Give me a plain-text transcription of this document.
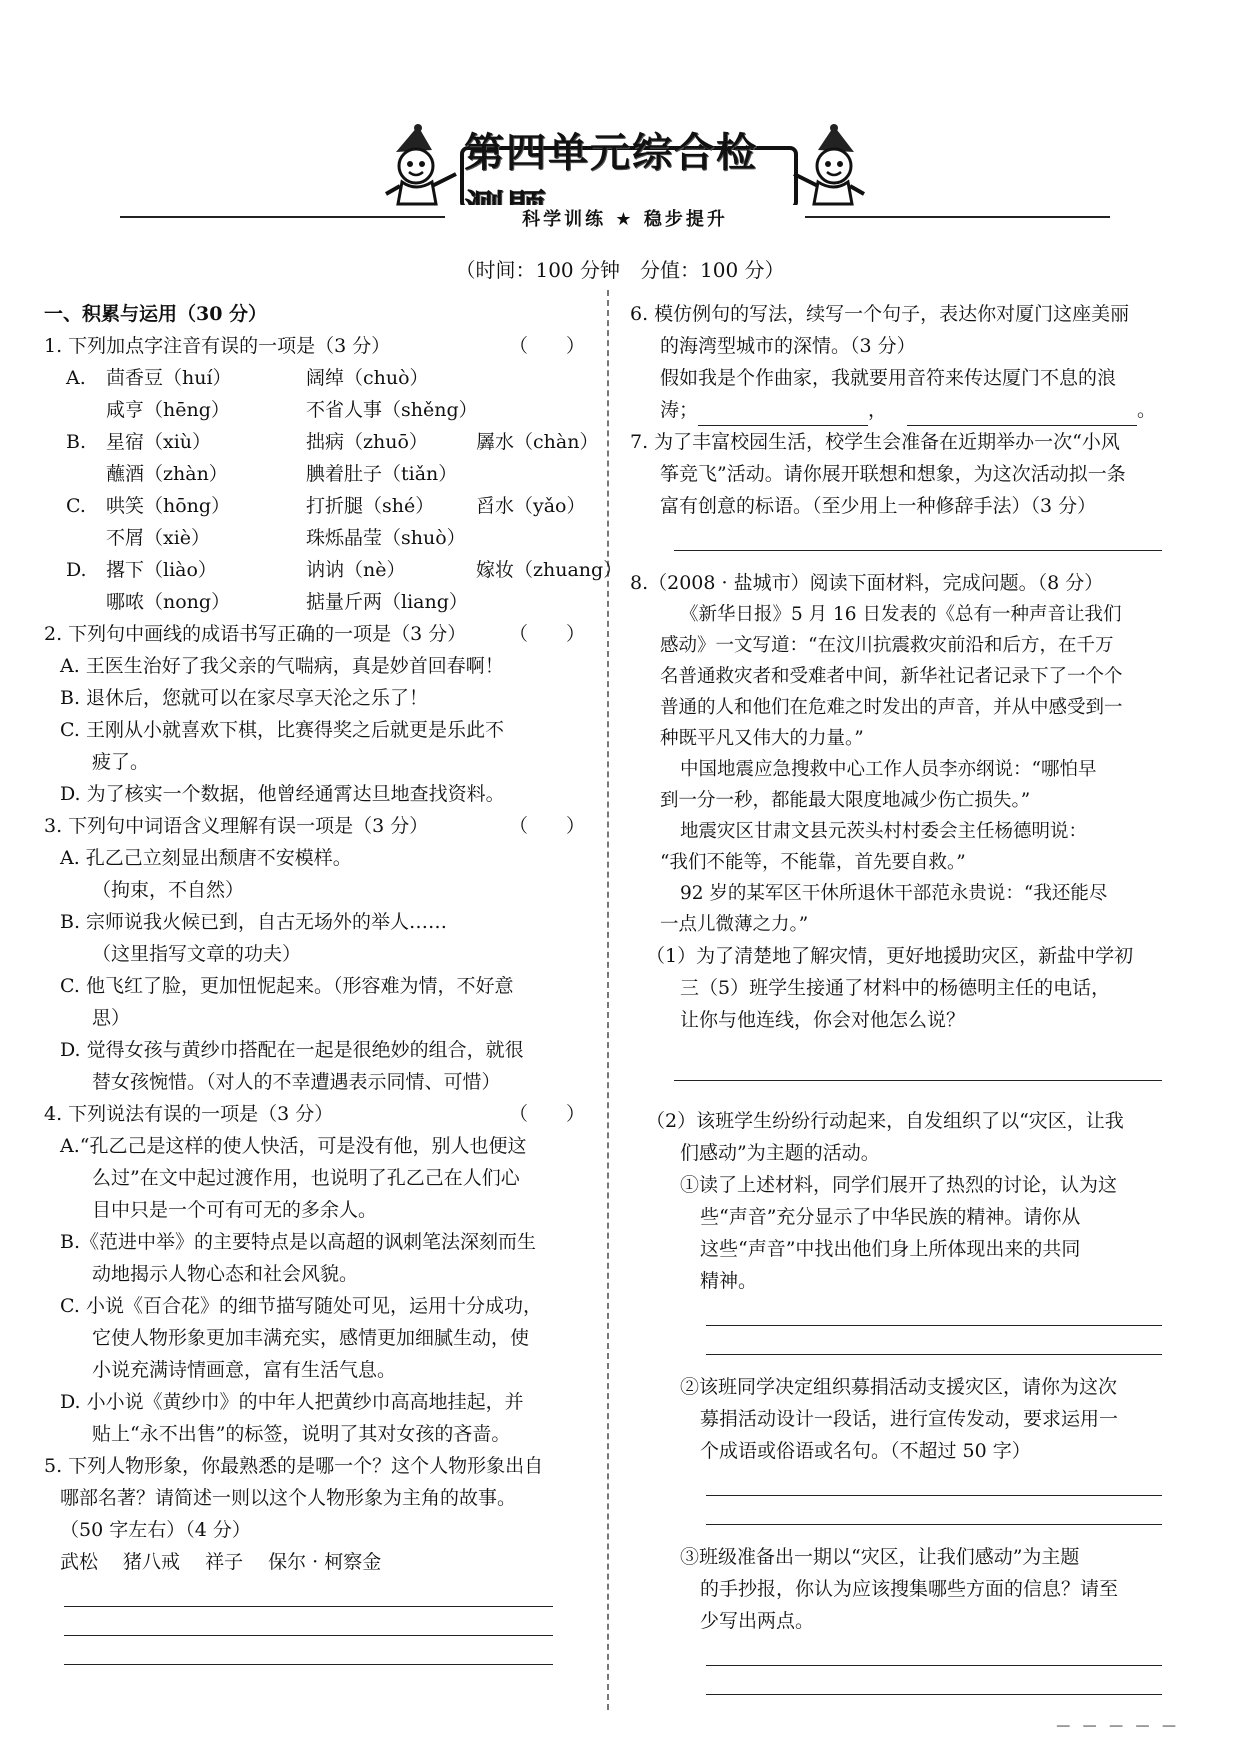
第四单元综合检
科学训练 ★ 稳步提升
（时间：100 分钟　分值：100 分）
一、积累与运用（30 分）
1. 下列加点字注音有误的一项是（3 分）	（　　）
A.	茴香豆（huí）	阔绰（chuò）
咸亨（hēng）	不省人事（shěng）
B.	星宿（xiù）	拙病（zhuō）	羼水（chàn）
蘸酒（zhàn）	腆着肚子（tiǎn）
C.	哄笑（hōng）	打折腿（shé）	舀水（yǎo）
不屑（xiè）	珠烁晶莹（shuò）
D.	撂下（liào）	讷讷（nè）	嫁妆（zhuang）
哪哝（nong）	掂量斤两（liang）
2. 下列句中画线的成语书写正确的一项是（3 分） （　　）
A. 王医生治好了我父亲的气喘病，真是妙首回春啊！
B. 退休后，您就可以在家尽享天沦之乐了！
C. 王刚从小就喜欢下棋，比赛得奖之后就更是乐此不
疲了。
D. 为了核实一个数据，他曾经通霄达旦地查找资料。
3. 下列句中词语含义理解有误一项是（3 分）	（　　）
A. 孔乙己立刻显出颓唐不安模样。
（拘束，不自然）
B. 宗师说我火候已到，自古无场外的举人……
（这里指写文章的功夫）
C. 他飞红了脸，更加忸怩起来。（形容难为情，不好意
思）
D. 觉得女孩与黄纱巾搭配在一起是很绝妙的组合，就很
替女孩惋惜。（对人的不幸遭遇表示同情、可惜）
4. 下列说法有误的一项是（3 分）	（　　）
A.“孔乙己是这样的使人快活，可是没有他，别人也便这
么过”在文中起过渡作用，也说明了孔乙己在人们心
目中只是一个可有可无的多余人。
B.《范进中举》的主要特点是以高超的讽刺笔法深刻而生
动地揭示人物心态和社会风貌。
C. 小说《百合花》的细节描写随处可见，运用十分成功，
它使人物形象更加丰满充实，感情更加细腻生动，使
小说充满诗情画意，富有生活气息。
D. 小小说《黄纱巾》的中年人把黄纱巾高高地挂起，并
贴上“永不出售”的标签，说明了其对女孩的吝啬。
5. 下列人物形象，你最熟悉的是哪一个？这个人物形象出自
哪部名著？请简述一则以这个人物形象为主角的故事。
（50 字左右）（4 分）
武松　 猪八戒　 祥子　 保尔 · 柯察金
6. 模仿例句的写法，续写一个句子，表达你对厦门这座美丽
的海湾型城市的深情。（3 分）
假如我是个作曲家，我就要用音符来传达厦门不息的浪
涛；	，	。
7. 为了丰富校园生活，校学生会准备在近期举办一次“小风
筝竞飞”活动。请你展开联想和想象，为这次活动拟一条
富有创意的标语。（至少用上一种修辞手法）（3 分）
8.（2008 · 盐城市）阅读下面材料，完成问题。（8 分）
《新华日报》5 月 16 日发表的《总有一种声音让我们
感动》一文写道：“在汶川抗震救灾前沿和后方，在千万
名普通救灾者和受难者中间，新华社记者记录下了一个个
普通的人和他们在危难之时发出的声音，并从中感受到一
种既平凡又伟大的力量。”
中国地震应急搜救中心工作人员李亦纲说：“哪怕早
到一分一秒，都能最大限度地减少伤亡损失。”
地震灾区甘肃文县元茨头村村委会主任杨德明说：
“我们不能等，不能靠，首先要自救。”
92 岁的某军区干休所退休干部范永贵说：“我还能尽
一点儿微薄之力。”
（1）为了清楚地了解灾情，更好地援助灾区，新盐中学初
三（5）班学生接通了材料中的杨德明主任的电话，
让你与他连线，你会对他怎么说？
（2）该班学生纷纷行动起来，自发组织了以“灾区，让我
们感动”为主题的活动。
①读了上述材料，同学们展开了热烈的讨论，认为这
些“声音”充分显示了中华民族的精神。请你从
这些“声音”中找出他们身上所体现出来的共同
精神。
②该班同学决定组织募捐活动支援灾区，请你为这次
募捐活动设计一段话，进行宣传发动，要求运用一
个成语或俗语或名句。（不超过 50 字）
③班级准备出一期以“灾区，让我们感动”为主题
的手抄报，你认为应该搜集哪些方面的信息？请至
少写出两点。
— — — — —
